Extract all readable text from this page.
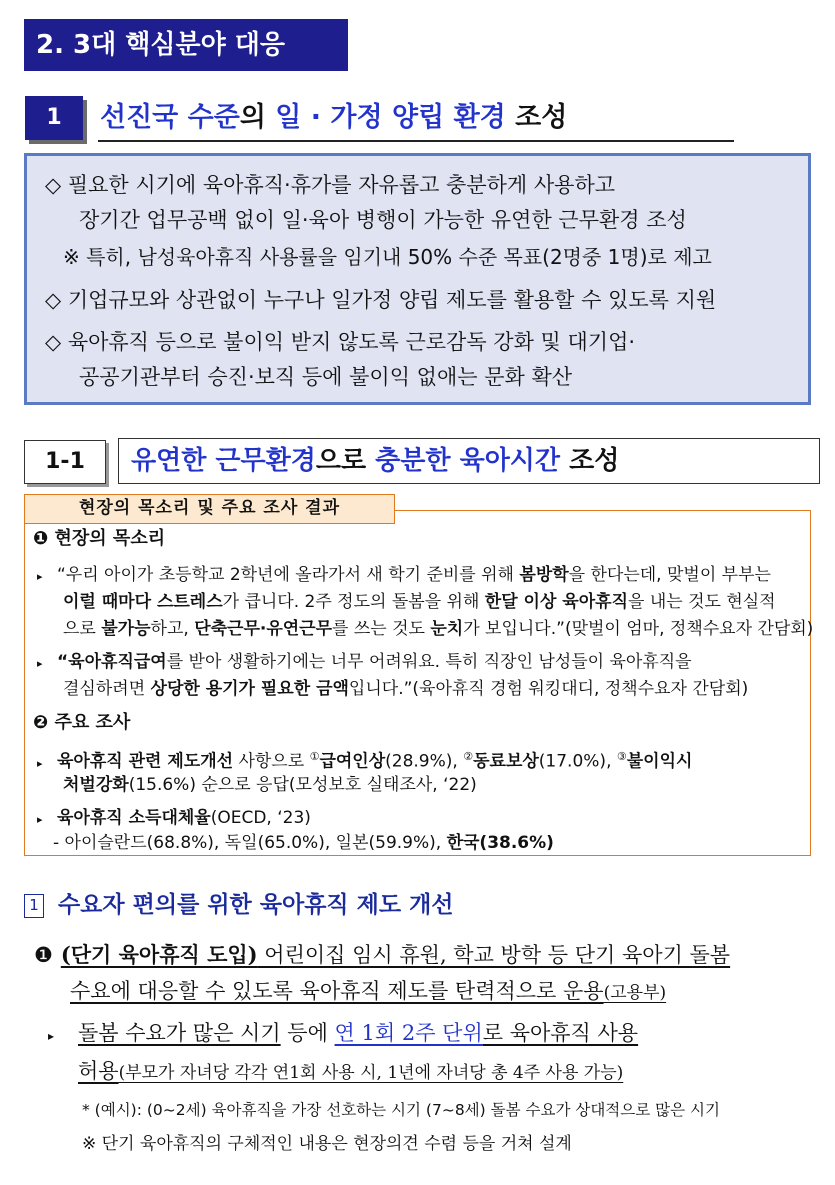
2. 3대 핵심분야 대응
1	선진국 수준의 일 · 가정 양립 환경 조성
◇ 필요한 시기에 육아휴직·휴가를 자유롭고 충분하게 사용하고
장기간 업무공백 없이 일·육아 병행이 가능한 유연한 근무환경 조성
※ 특히, 남성육아휴직 사용률을 임기내 50% 수준 목표(2명중 1명)로 제고
◇ 기업규모와 상관없이 누구나 일가정 양립 제도를 활용할 수 있도록 지원
◇ 육아휴직 등으로 불이익 받지 않도록 근로감독 강화 및 대기업·
공공기관부터 승진·보직 등에 불이익 없애는 문화 확산
1-1	유연한 근무환경으로 충분한 육아시간 조성
❶ 현장의 목소리
▸ “우리 아이가 초등학교 2학년에 올라가서 새 학기 준비를 위해 봄방학을 한다는데, 맞벌이 부부는
이럴 때마다 스트레스가 큽니다. 2주 정도의 돌봄을 위해 한달 이상 육아휴직을 내는 것도 현실적
으로 불가능하고, 단축근무·유연근무를 쓰는 것도 눈치가 보입니다.”(맞벌이 엄마, 정책수요자 간담회)
▸ “육아휴직급여를 받아 생활하기에는 너무 어려워요. 특히 직장인 남성들이 육아휴직을
결심하려면 상당한 용기가 필요한 금액입니다.”(육아휴직 경험 워킹대디, 정책수요자 간담회)
❷ 주요 조사
▸ 육아휴직 관련 제도개선 사항으로 ①급여인상(28.9%), ②동료보상(17.0%), ③불이익시
처벌강화(15.6%) 순으로 응답(모성보호 실태조사, ‘22)
▸ 육아휴직 소득대체율(OECD, ‘23)
- 아이슬란드(68.8%), 독일(65.0%), 일본(59.9%), 한국(38.6%)
현장의 목소리 및 주요 조사 결과
1 수요자 편의를 위한 육아휴직 제도 개선
❶ (단기 육아휴직 도입) 어린이집 임시 휴원, 학교 방학 등 단기 육아기 돌봄
수요에 대응할 수 있도록 육아휴직 제도를 탄력적으로 운용(고용부)
▸ 돌봄 수요가 많은 시기 등에 연 1회 2주 단위로 육아휴직 사용
허용(부모가 자녀당 각각 연1회 사용 시, 1년에 자녀당 총 4주 사용 가능)
* (예시): (0~2세) 육아휴직을 가장 선호하는 시기 (7~8세) 돌봄 수요가 상대적으로 많은 시기
※ 단기 육아휴직의 구체적인 내용은 현장의견 수렴 등을 거쳐 설계
